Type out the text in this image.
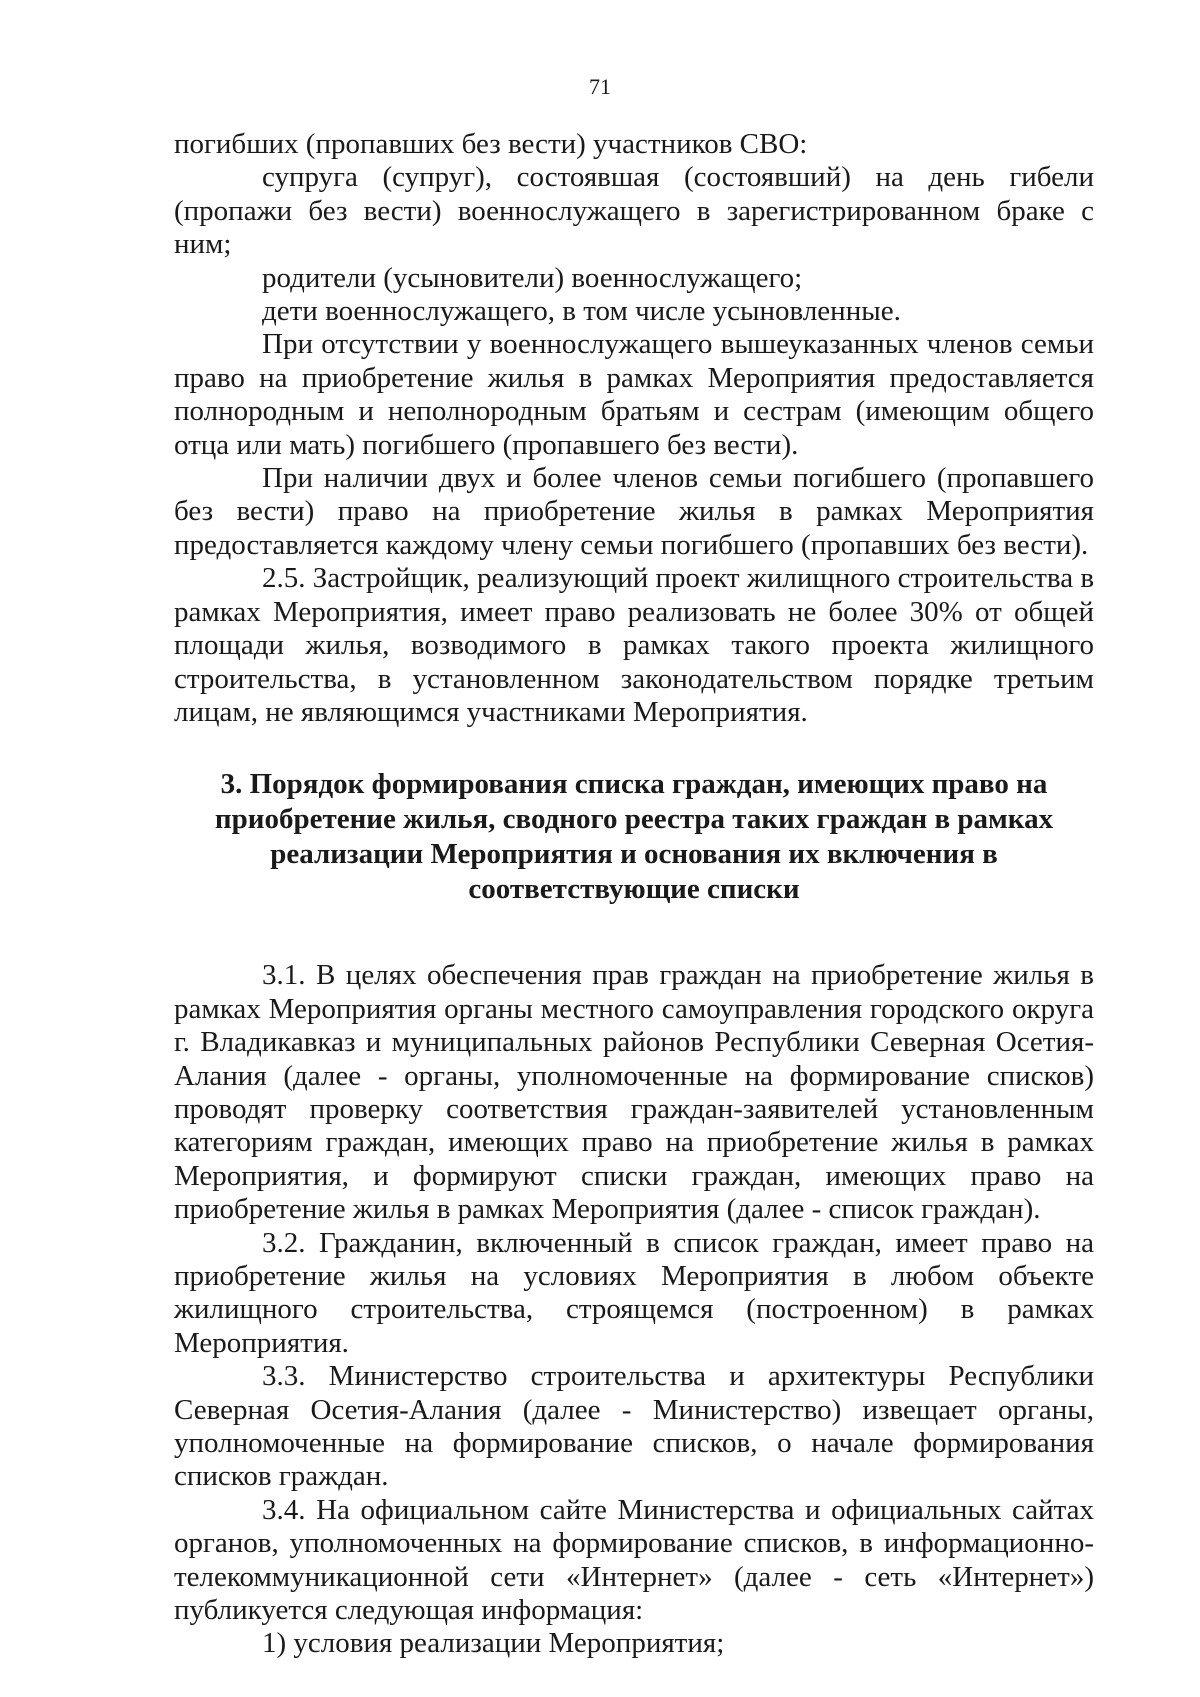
71

погибших (пропавших без вести) участников СВО:

супруга (супруг), состоявшая (состоявший) на день гибели (пропажи без вести) военнослужащего в зарегистрированном браке с ним;

родители (усыновители) военнослужащего;

дети военнослужащего, в том числе усыновленные.

При отсутствии у военнослужащего вышеуказанных членов семьи право на приобретение жилья в рамках Мероприятия предоставляется полнородным и неполнородным братьям и сестрам (имеющим общего отца или мать) погибшего (пропавшего без вести).

При наличии двух и более членов семьи погибшего (пропавшего без вести) право на приобретение жилья в рамках Мероприятия предоставляется каждому члену семьи погибшего (пропавших без вести).

2.5. Застройщик, реализующий проект жилищного строительства в рамках Мероприятия, имеет право реализовать не более 30% от общей площади жилья, возводимого в рамках такого проекта жилищного строительства, в установленном законодательством порядке третьим лицам, не являющимся участниками Мероприятия.

3. Порядок формирования списка граждан, имеющих право на
приобретение жилья, сводного реестра таких граждан в рамках
реализации Мероприятия и основания их включения в
соответствующие списки

3.1. В целях обеспечения прав граждан на приобретение жилья в рамках Мероприятия органы местного самоуправления городского округа г. Владикавказ и муниципальных районов Республики Северная Осетия-Алания (далее - органы, уполномоченные на формирование списков) проводят проверку соответствия граждан-заявителей установленным категориям граждан, имеющих право на приобретение жилья в рамках Мероприятия, и формируют списки граждан, имеющих право на приобретение жилья в рамках Мероприятия (далее - список граждан).

3.2. Гражданин, включенный в список граждан, имеет право на приобретение жилья на условиях Мероприятия в любом объекте жилищного строительства, строящемся (построенном) в рамках Мероприятия.

3.3. Министерство строительства и архитектуры Республики Северная Осетия-Алания (далее - Министерство) извещает органы, уполномоченные на формирование списков, о начале формирования списков граждан.

3.4. На официальном сайте Министерства и официальных сайтах органов, уполномоченных на формирование списков, в информационно-телекоммуникационной сети «Интернет» (далее - сеть «Интернет») публикуется следующая информация:

1) условия реализации Мероприятия;
